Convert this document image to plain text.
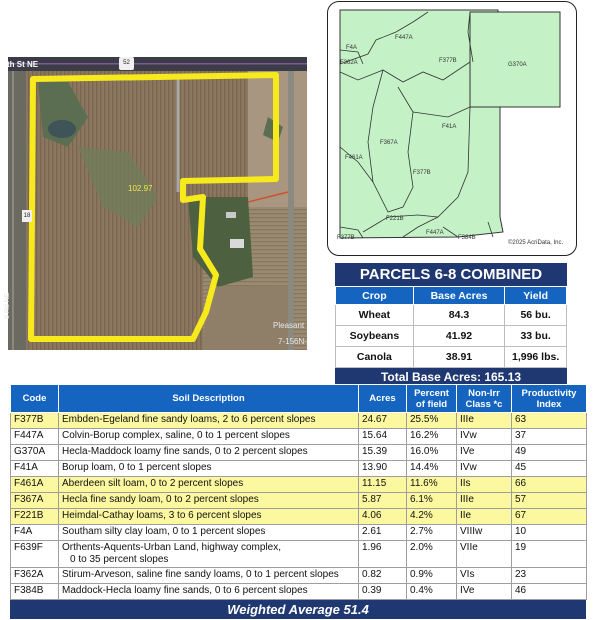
th St NE	52
18
102.97
Pleasant
7-156N-
8 Rd NE
F4A
F447A
F362A	F377B
G370A
F41A
F367A
F461A
F377B
F221B
F447A
F384B
F377B
©2025 AcriData, Inc.
PARCELS 6-8 COMBINED
Crop	Base Acres	Yield
Wheat	84.3	56 bu.
Soybeans	41.92	33 bu.
Canola	38.91	1,996 lbs.
Total Base Acres: 165.13
Code	Soil Description	Acres	Percent of field	Non-Irr Class *c	Productivity Index
F377B	Embden-Egeland fine sandy loams, 2 to 6 percent slopes	24.67	25.5%	IIIe	63
F447A	Colvin-Borup complex, saline, 0 to 1 percent slopes	15.64	16.2%	IVw	37
G370A	Hecla-Maddock loamy fine sands, 0 to 2 percent slopes	15.39	16.0%	IVe	49
F41A	Borup loam, 0 to 1 percent slopes	13.90	14.4%	IVw	45
F461A	Aberdeen silt loam, 0 to 2 percent slopes	11.15	11.6%	IIs	66
F367A	Hecla fine sandy loam, 0 to 2 percent slopes	5.87	6.1%	IIIe	57
F221B	Heimdal-Cathay loams, 3 to 6 percent slopes	4.06	4.2%	IIe	67
F4A	Southam silty clay loam, 0 to 1 percent slopes	2.61	2.7%	VIIIw	10
F639F	Orthents-Aquents-Urban Land, highway complex,
0 to 35 percent slopes	1.96	2.0%	VIIe	19
F362A	Stirum-Arveson, saline fine sandy loams, 0 to 1 percent slopes	0.82	0.9%	VIs	23
F384B	Maddock-Hecla loamy fine sands, 0 to 6 percent slopes	0.39	0.4%	IVe	46
Weighted Average 51.4
